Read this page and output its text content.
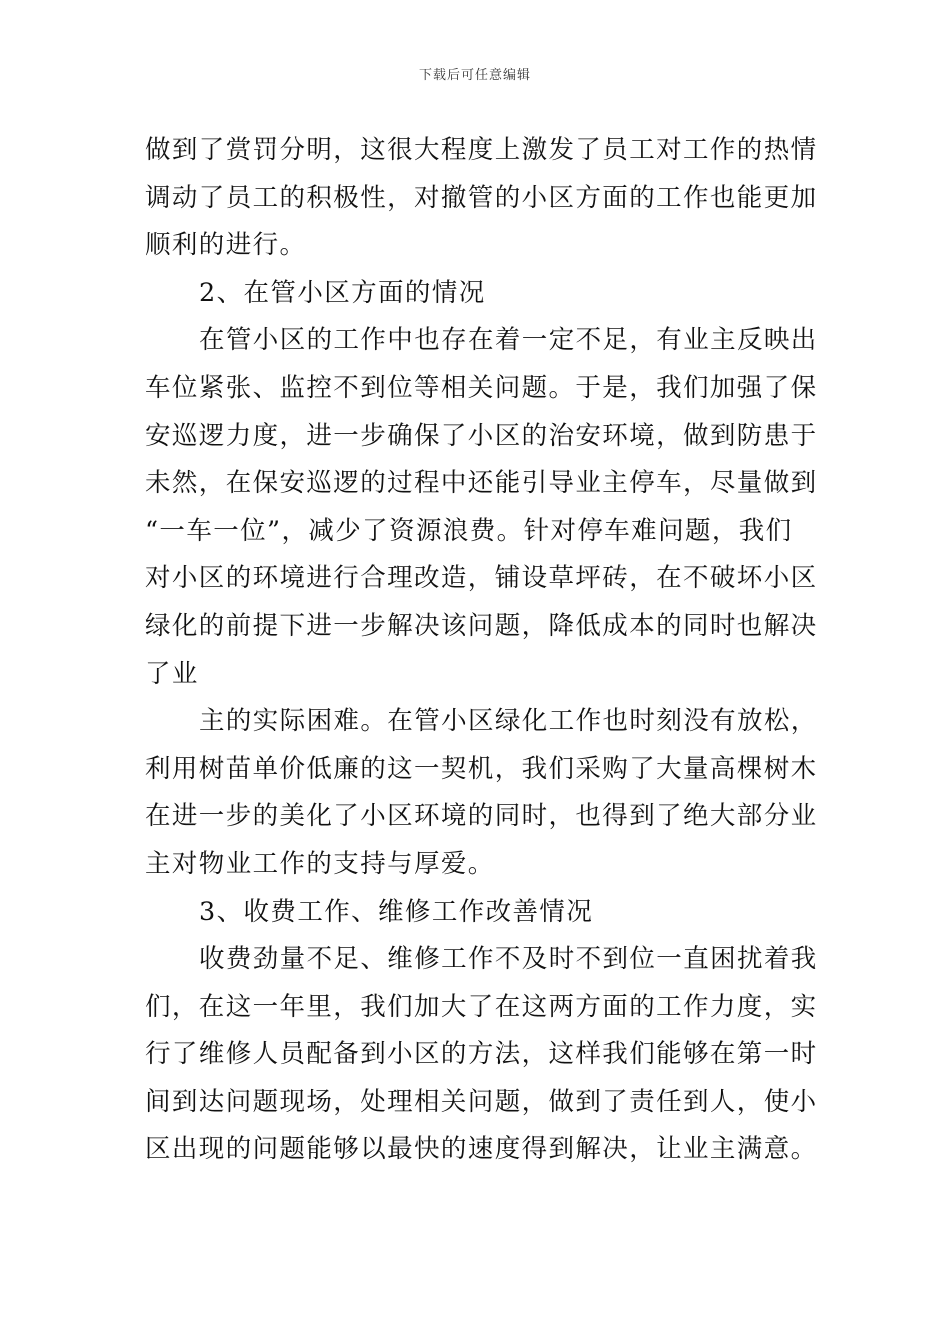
下载后可任意编辑
做到了赏罚分明，这很大程度上激发了员工对工作的热情
调动了员工的积极性，对撤管的小区方面的工作也能更加
顺利的进行。
2、在管小区方面的情况
在管小区的工作中也存在着一定不足，有业主反映出
车位紧张、监控不到位等相关问题。于是，我们加强了保
安巡逻力度，进一步确保了小区的治安环境，做到防患于
未然，在保安巡逻的过程中还能引导业主停车，尽量做到
“一车一位”，减少了资源浪费。针对停车难问题，我们
对小区的环境进行合理改造，铺设草坪砖，在不破坏小区
绿化的前提下进一步解决该问题，降低成本的同时也解决
了业
主的实际困难。在管小区绿化工作也时刻没有放松，
利用树苗单价低廉的这一契机，我们采购了大量高棵树木
在进一步的美化了小区环境的同时，也得到了绝大部分业
主对物业工作的支持与厚爱。
3、收费工作、维修工作改善情况
收费劲量不足、维修工作不及时不到位一直困扰着我
们，在这一年里，我们加大了在这两方面的工作力度，实
行了维修人员配备到小区的方法，这样我们能够在第一时
间到达问题现场，处理相关问题，做到了责任到人，使小
区出现的问题能够以最快的速度得到解决，让业主满意。
